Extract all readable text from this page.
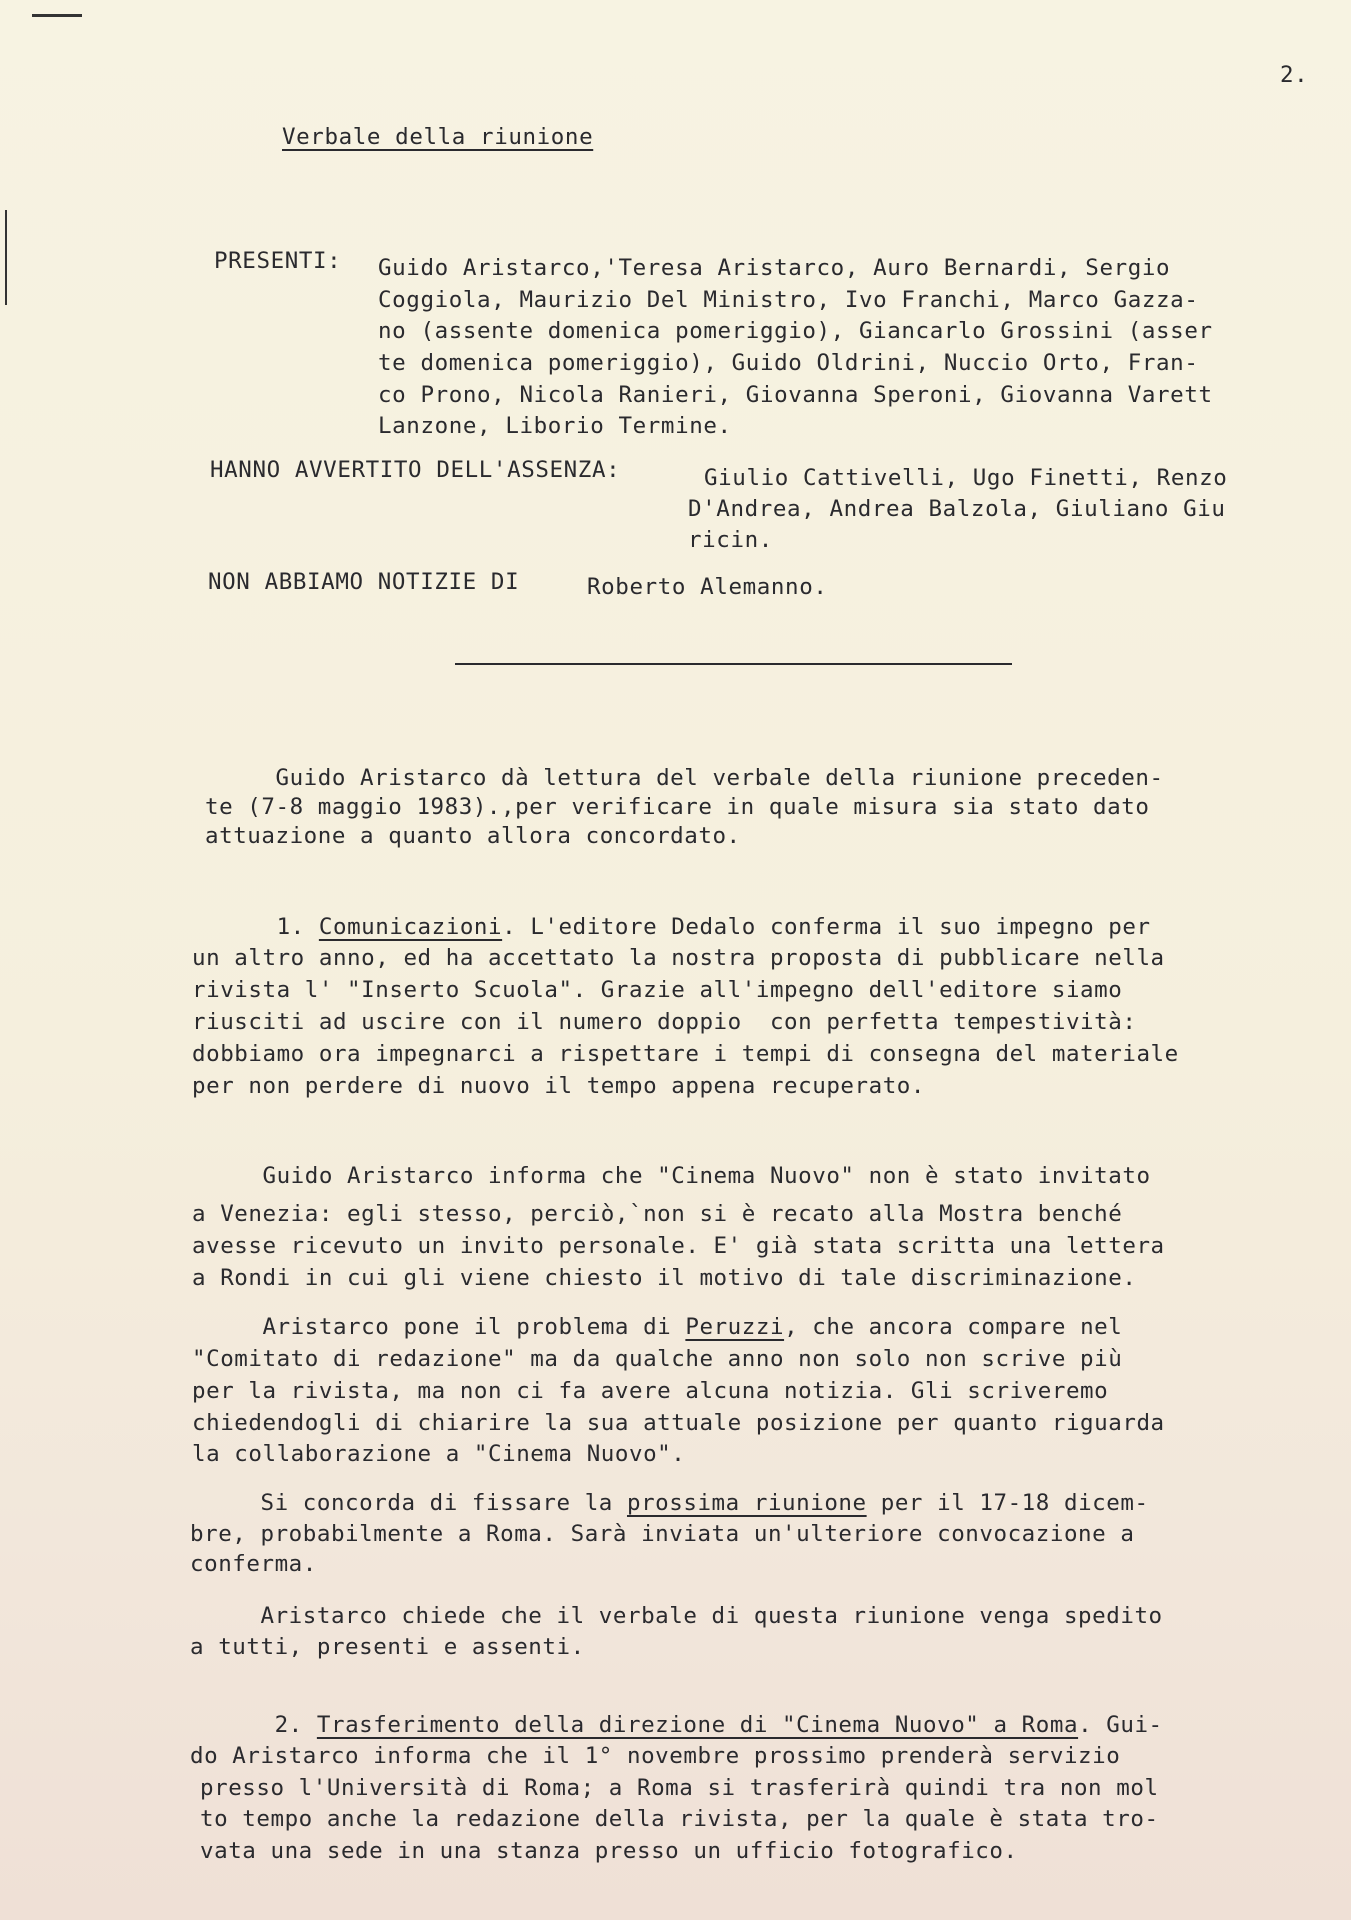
2.
Verbale della riunione
PRESENTI: Guido Aristarco,'Teresa Aristarco, Auro Bernardi, Sergio
Coggiola, Maurizio Del Ministro, Ivo Franchi, Marco Gazza-
no (assente domenica pomeriggio), Giancarlo Grossini (asser
te domenica pomeriggio), Guido Oldrini, Nuccio Orto, Fran-
co Prono, Nicola Ranieri, Giovanna Speroni, Giovanna Varett
Lanzone, Liborio Termine.
HANNO AVVERTITO DELL'ASSENZA:	Giulio Cattivelli, Ugo Finetti, Renzo
D'Andrea, Andrea Balzola, Giuliano Giu
ricin.
NON ABBIAMO NOTIZIE DI	Roberto Alemanno.
Guido Aristarco dà lettura del verbale della riunione preceden-
te (7-8 maggio 1983).,per verificare in quale misura sia stato dato
attuazione a quanto allora concordato.
1. Comunicazioni. L'editore Dedalo conferma il suo impegno per
un altro anno, ed ha accettato la nostra proposta di pubblicare nella
rivista l' "Inserto Scuola". Grazie all'impegno dell'editore siamo
riusciti ad uscire con il numero doppio  con perfetta tempestività:
dobbiamo ora impegnarci a rispettare i tempi di consegna del materiale
per non perdere di nuovo il tempo appena recuperato.
Guido Aristarco informa che "Cinema Nuovo" non è stato invitato
a Venezia: egli stesso, perciò,`non si è recato alla Mostra benché
avesse ricevuto un invito personale. E' già stata scritta una lettera
a Rondi in cui gli viene chiesto il motivo di tale discriminazione.
Aristarco pone il problema di Peruzzi, che ancora compare nel
"Comitato di redazione" ma da qualche anno non solo non scrive più
per la rivista, ma non ci fa avere alcuna notizia. Gli scriveremo
chiedendogli di chiarire la sua attuale posizione per quanto riguarda
la collaborazione a "Cinema Nuovo".
Si concorda di fissare la prossima riunione per il 17-18 dicem-
bre, probabilmente a Roma. Sarà inviata un'ulteriore convocazione a
conferma.
Aristarco chiede che il verbale di questa riunione venga spedito
a tutti, presenti e assenti.
2. Trasferimento della direzione di "Cinema Nuovo" a Roma. Gui-
do Aristarco informa che il 1° novembre prossimo prenderà servizio
presso l'Università di Roma; a Roma si trasferirà quindi tra non mol
to tempo anche la redazione della rivista, per la quale è stata tro-
vata una sede in una stanza presso un ufficio fotografico.
